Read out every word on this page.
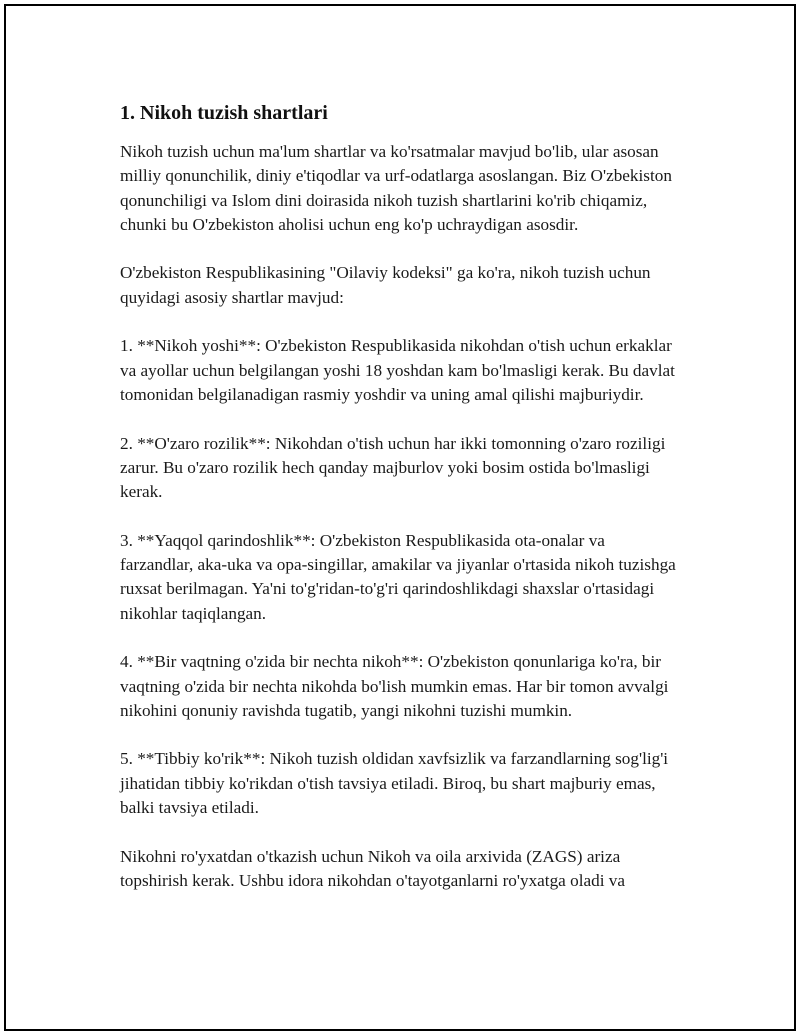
1. Nikoh tuzish shartlari

Nikoh tuzish uchun ma'lum shartlar va ko'rsatmalar mavjud bo'lib, ular asosan milliy qonunchilik, diniy e'tiqodlar va urf-odatlarga asoslangan. Biz O'zbekiston qonunchiligi va Islom dini doirasida nikoh tuzish shartlarini ko'rib chiqamiz, chunki bu O'zbekiston aholisi uchun eng ko'p uchraydigan asosdir.

O'zbekiston Respublikasining "Oilaviy kodeksi" ga ko'ra, nikoh tuzish uchun quyidagi asosiy shartlar mavjud:

1. **Nikoh yoshi**: O'zbekiston Respublikasida nikohdan o'tish uchun erkaklar va ayollar uchun belgilangan yoshi 18 yoshdan kam bo'lmasligi kerak. Bu davlat tomonidan belgilanadigan rasmiy yoshdir va uning amal qilishi majburiydir.

2. **O'zaro rozilik**: Nikohdan o'tish uchun har ikki tomonning o'zaro roziligi zarur. Bu o'zaro rozilik hech qanday majburlov yoki bosim ostida bo'lmasligi kerak.

3. **Yaqqol qarindoshlik**: O'zbekiston Respublikasida ota-onalar va farzandlar, aka-uka va opa-singillar, amakilar va jiyanlar o'rtasida nikoh tuzishga ruxsat berilmagan. Ya'ni to'g'ridan-to'g'ri qarindoshlikdagi shaxslar o'rtasidagi nikohlar taqiqlangan.

4. **Bir vaqtning o'zida bir nechta nikoh**: O'zbekiston qonunlariga ko'ra, bir vaqtning o'zida bir nechta nikohda bo'lish mumkin emas. Har bir tomon avvalgi nikohini qonuniy ravishda tugatib, yangi nikohni tuzishi mumkin.

5. **Tibbiy ko'rik**: Nikoh tuzish oldidan xavfsizlik va farzandlarning sog'lig'i jihatidan tibbiy ko'rikdan o'tish tavsiya etiladi. Biroq, bu shart majburiy emas, balki tavsiya etiladi.

Nikohni ro'yxatdan o'tkazish uchun Nikoh va oila arxivida (ZAGS) ariza topshirish kerak. Ushbu idora nikohdan o'tayotganlarni ro'yxatga oladi va
